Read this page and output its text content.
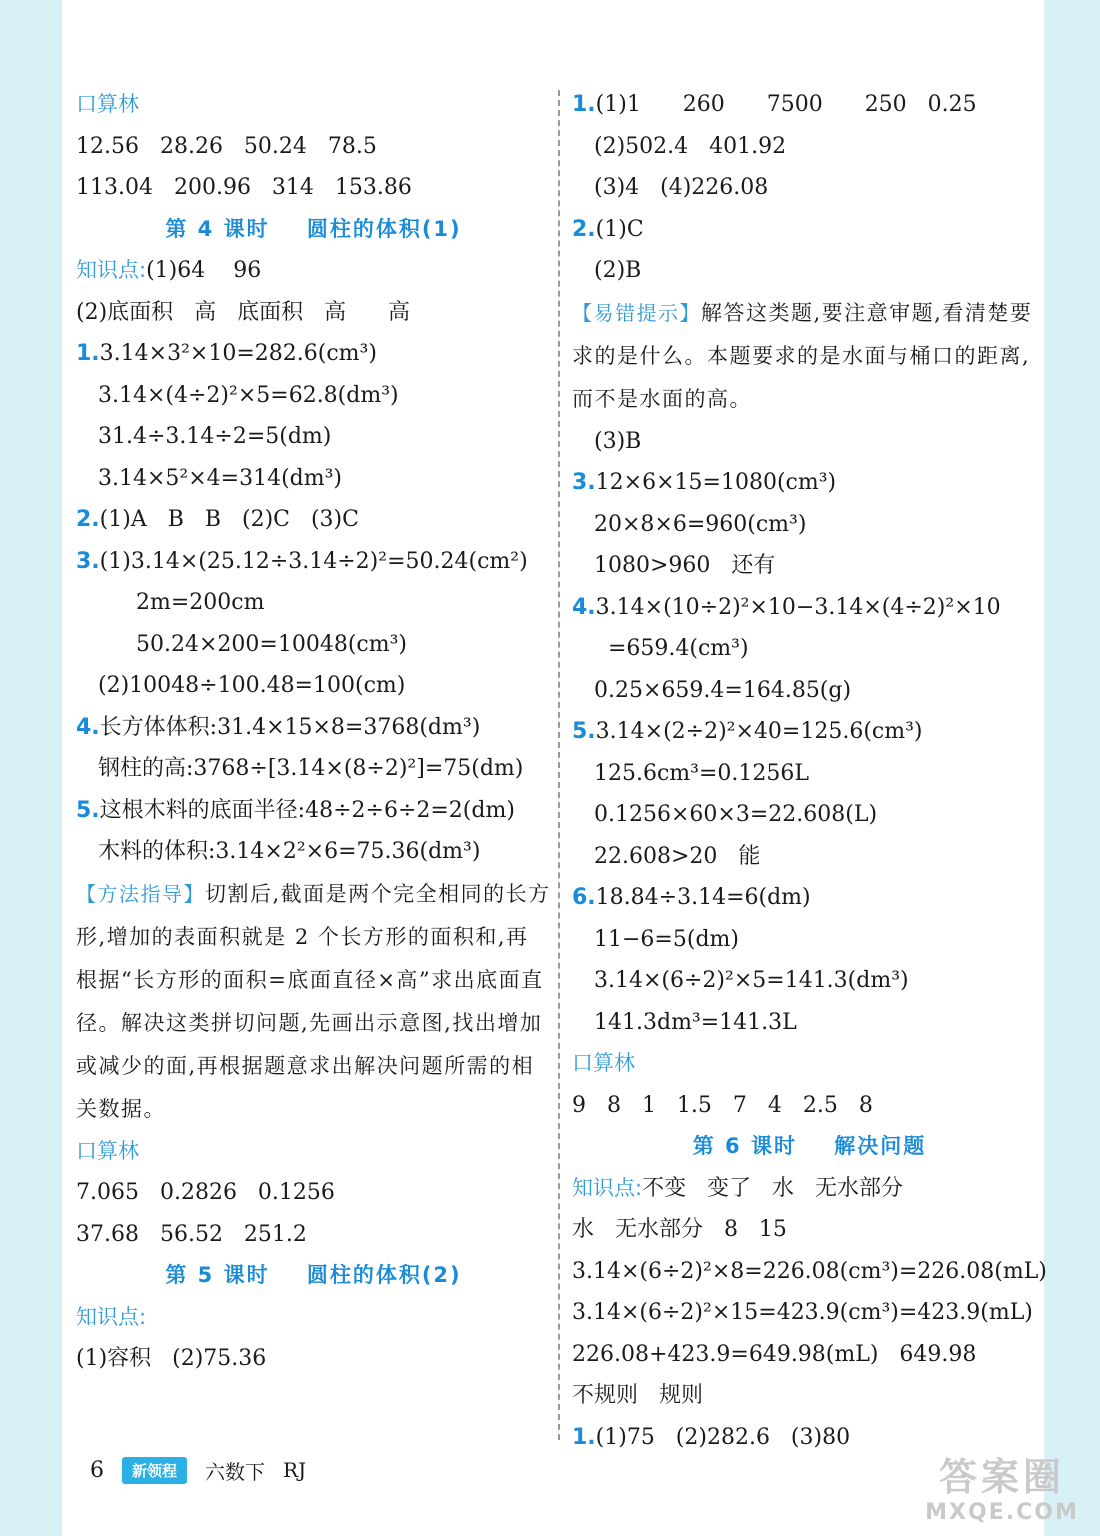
口算林
12.56   28.26   50.24   78.5
113.04   200.96   314   153.86
第 4 课时    圆柱的体积(1)
知识点:(1)64    96
(2)底面积   高   底面积   高      高
1.3.14×3²×10=282.6(cm³)
3.14×(4÷2)²×5=62.8(dm³)
31.4÷3.14÷2=5(dm)
3.14×5²×4=314(dm³)
2.(1)A   B   B   (2)C   (3)C
3.(1)3.14×(25.12÷3.14÷2)²=50.24(cm²)
2m=200cm
50.24×200=10048(cm³)
(2)10048÷100.48=100(cm)
4.长方体体积:31.4×15×8=3768(dm³)
钢柱的高:3768÷[3.14×(8÷2)²]=75(dm)
5.这根木料的底面半径:48÷2÷6÷2=2(dm)
木料的体积:3.14×2²×6=75.36(dm³)
【方法指导】切割后,截面是两个完全相同的长方形,增加的表面积就是 2 个长方形的面积和,再根据“长方形的面积=底面直径×高”求出底面直径。解决这类拼切问题,先画出示意图,找出增加或减少的面,再根据题意求出解决问题所需的相关数据。
口算林
7.065   0.2826   0.1256
37.68   56.52   251.2
第 5 课时    圆柱的体积(2)
知识点:
(1)容积   (2)75.36
1.(1)1      260      7500      250   0.25
(2)502.4   401.92
(3)4   (4)226.08
2.(1)C
(2)B
【易错提示】解答这类题,要注意审题,看清楚要求的是什么。本题要求的是水面与桶口的距离,而不是水面的高。
(3)B
3.12×6×15=1080(cm³)
20×8×6=960(cm³)
1080>960   还有
4.3.14×(10÷2)²×10−3.14×(4÷2)²×10
=659.4(cm³)
0.25×659.4=164.85(g)
5.3.14×(2÷2)²×40=125.6(cm³)
125.6cm³=0.1256L
0.1256×60×3=22.608(L)
22.608>20   能
6.18.84÷3.14=6(dm)
11−6=5(dm)
3.14×(6÷2)²×5=141.3(dm³)
141.3dm³=141.3L
口算林
9   8   1   1.5   7   4   2.5   8
第 6 课时    解决问题
知识点:不变   变了   水   无水部分
水   无水部分   8   15
3.14×(6÷2)²×8=226.08(cm³)=226.08(mL)
3.14×(6÷2)²×15=423.9(cm³)=423.9(mL)
226.08+423.9=649.98(mL)   649.98
不规则   规则
1.(1)75   (2)282.6   (3)80
6	新领程	六数下 RJ	答案圈
MXQE.COM
